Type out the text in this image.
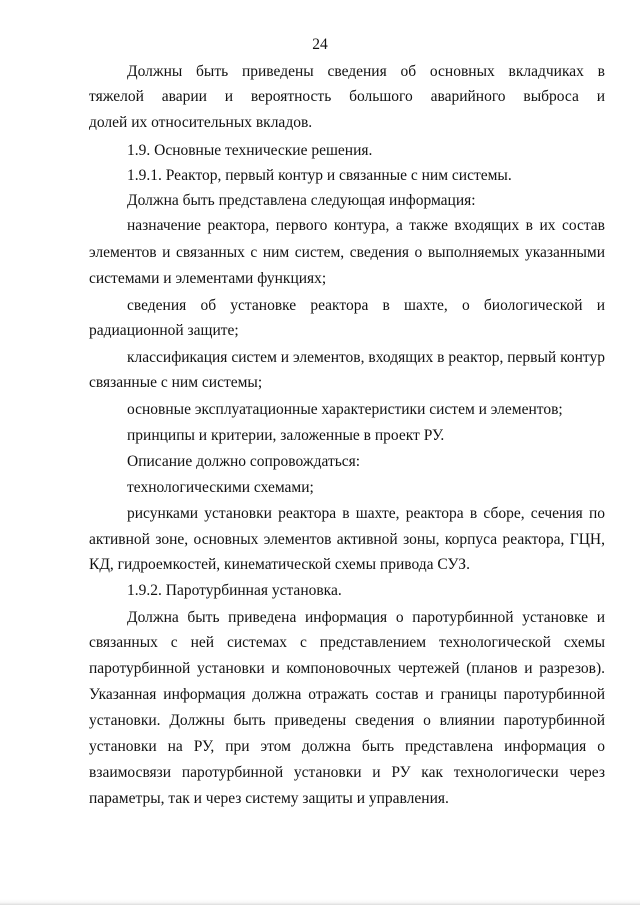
24
Должны быть приведены сведения об основных вкладчиках в
тяжелой аварии и вероятность большого аварийного выброса и
долей их относительных вкладов.
1.9. Основные технические решения.
1.9.1. Реактор, первый контур и связанные с ним системы.
Должна быть представлена следующая информация:
назначение реактора, первого контура, а также входящих в их состав
элементов и связанных с ним систем, сведения о выполняемых указанными
системами и элементами функциях;
сведения об установке реактора в шахте, о биологической и
радиационной защите;
классификация систем и элементов, входящих в реактор, первый контур
связанные с ним системы;
основные эксплуатационные характеристики систем и элементов;
принципы и критерии, заложенные в проект РУ.
Описание должно сопровождаться:
технологическими схемами;
рисунками установки реактора в шахте, реактора в сборе, сечения по
активной зоне, основных элементов активной зоны, корпуса реактора, ГЦН,
КД, гидроемкостей, кинематической схемы привода СУЗ.
1.9.2. Паротурбинная установка.
Должна быть приведена информация о паротурбинной установке и
связанных с ней системах с представлением технологической схемы
паротурбинной установки и компоновочных чертежей (планов и разрезов).
Указанная информация должна отражать состав и границы паротурбинной
установки. Должны быть приведены сведения о влиянии паротурбинной
установки на РУ, при этом должна быть представлена информация о
взаимосвязи паротурбинной установки и РУ как технологически через
параметры, так и через систему защиты и управления.
